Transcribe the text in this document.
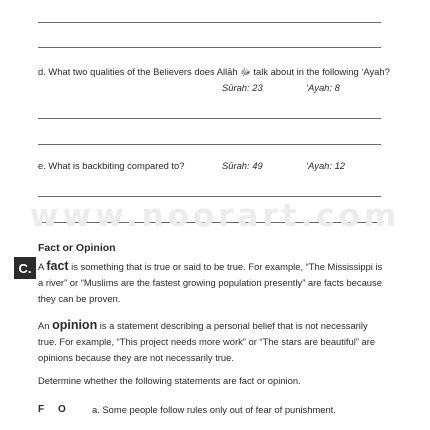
d. What two qualities of the Believers does Allāh ﷻ talk about in the following ‘Ayah?
Sūrah: 23	‘Ayah: 8
e. What is backbiting compared to?	Sūrah: 49	‘Ayah: 12
www.noorart.com
Fact or Opinion
C. A fact is something that is true or said to be true. For example, “The Mississippi is a river” or “Muslims are the fastest growing population presently” are facts because they can be proven.
An opinion is a statement describing a personal belief that is not necessarily true. For example, “This project needs more work” or “The stars are beautiful” are opinions because they are not necessarily true.
Determine whether the following statements are fact or opinion.
F O	a. Some people follow rules only out of fear of punishment.
